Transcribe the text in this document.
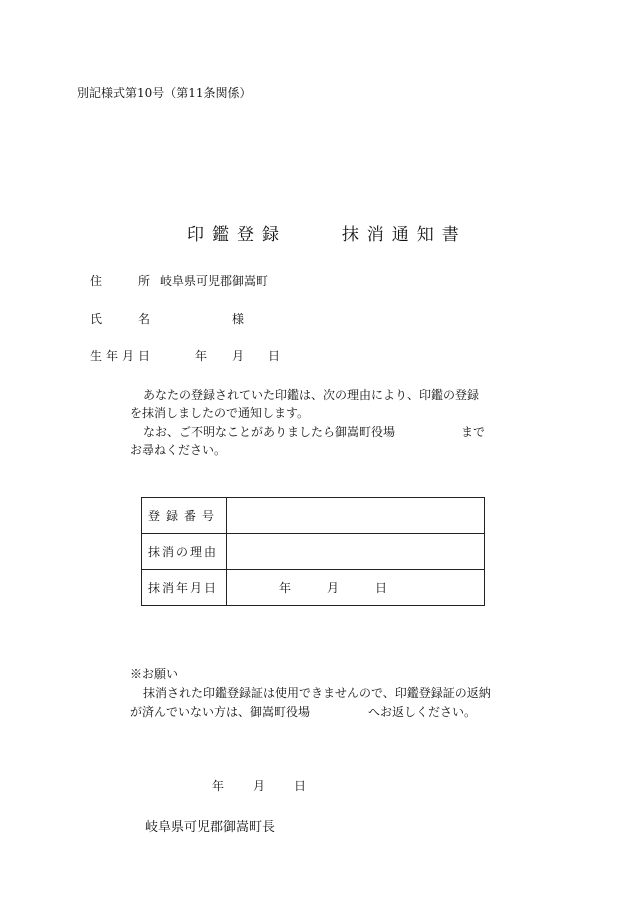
別記様式第10号（第11条関係）
印鑑登録	抹消通知書
住　　　所 岐阜県可児郡御嵩町
氏　　　名	様
生年月日	年 月 日
あなたの登録されていた印鑑は、次の理由により、印鑑の登録
を抹消しましたので通知します。
なお、ご不明なことがありましたら御嵩町役場	まで
お尋ねください。
登録番号	
抹消の理由	
抹消年月日	年　　　月　　　日
※お願い
抹消された印鑑登録証は使用できませんので、印鑑登録証の返納
が済んでいない方は、御嵩町役場	へお返しください。
年 月 日
岐阜県可児郡御嵩町長
